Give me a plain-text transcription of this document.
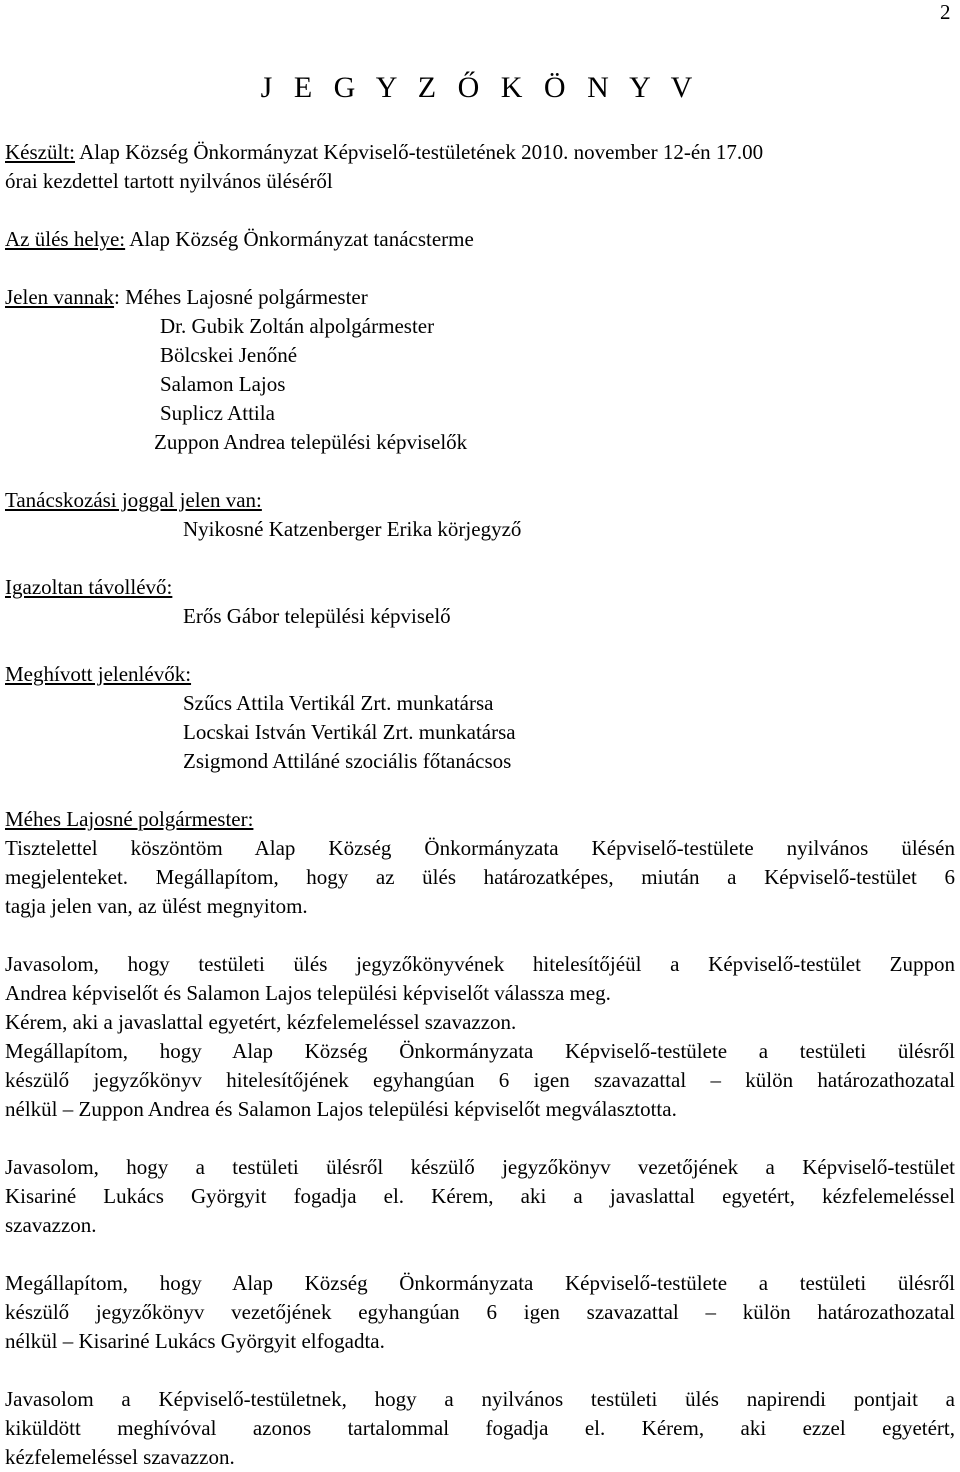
2
J E G Y Z Ő K Ö N Y V
Készült: Alap Község Önkormányzat Képviselő-testületének 2010. november 12-én 17.00
órai kezdettel tartott nyilvános üléséről
Az ülés helye: Alap Község Önkormányzat tanácsterme
Jelen vannak: Méhes Lajosné polgármester
Dr. Gubik Zoltán alpolgármester
Bölcskei Jenőné
Salamon Lajos
Suplicz Attila
Zuppon Andrea települési képviselők
Tanácskozási joggal jelen van:
Nyikosné Katzenberger Erika körjegyző
Igazoltan távollévő:
Erős Gábor települési képviselő
Meghívott jelenlévők:
Szűcs Attila Vertikál Zrt. munkatársa
Locskai István Vertikál Zrt. munkatársa
Zsigmond Attiláné szociális főtanácsos
Méhes Lajosné polgármester:
Tisztelettel köszöntöm Alap Község Önkormányzata Képviselő-testülete nyilvános ülésén
megjelenteket. Megállapítom, hogy az ülés határozatképes, miután a Képviselő-testület 6
tagja jelen van, az ülést megnyitom.
Javasolom, hogy testületi ülés jegyzőkönyvének hitelesítőjéül a Képviselő-testület Zuppon
Andrea képviselőt és Salamon Lajos települési képviselőt válassza meg.
Kérem, aki a javaslattal egyetért, kézfelemeléssel szavazzon.
Megállapítom, hogy Alap Község Önkormányzata Képviselő-testülete a testületi ülésről
készülő jegyzőkönyv hitelesítőjének egyhangúan 6 igen szavazattal – külön határozathozatal
nélkül – Zuppon Andrea és Salamon Lajos települési képviselőt megválasztotta.
Javasolom, hogy a testületi ülésről készülő jegyzőkönyv vezetőjének a Képviselő-testület
Kisariné Lukács Györgyit fogadja el. Kérem, aki a javaslattal egyetért, kézfelemeléssel
szavazzon.
Megállapítom, hogy Alap Község Önkormányzata Képviselő-testülete a testületi ülésről
készülő jegyzőkönyv vezetőjének egyhangúan 6 igen szavazattal – külön határozathozatal
nélkül – Kisariné Lukács Györgyit elfogadta.
Javasolom a Képviselő-testületnek, hogy a nyilvános testületi ülés napirendi pontjait a
kiküldött meghívóval azonos tartalommal fogadja el. Kérem, aki ezzel egyetért,
kézfelemeléssel szavazzon.
